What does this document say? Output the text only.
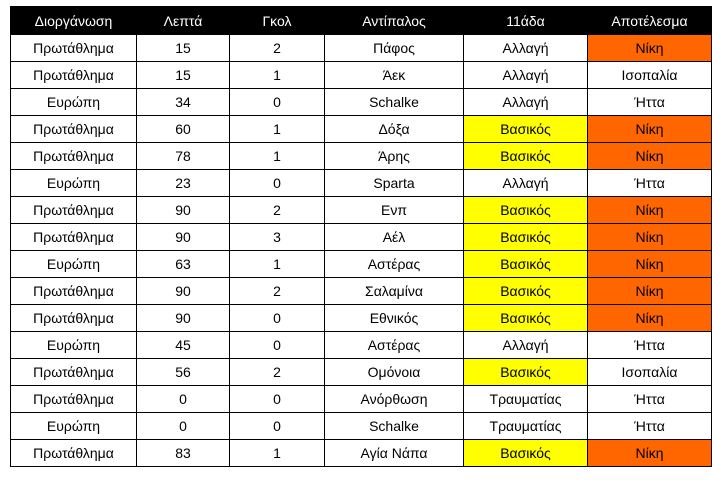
Διοργάνωση	Λεπτά	Γκολ	Αντίπαλος	11άδα	Αποτέλεσμα
Πρωτάθλημα	15	2	Πάφος	Αλλαγή	Νίκη
Πρωτάθλημα	15	1	Άεκ	Αλλαγή	Ισοπαλία
Ευρώπη	34	0	Schalke	Αλλαγή	Ήττα
Πρωτάθλημα	60	1	Δόξα	Βασικός	Νίκη
Πρωτάθλημα	78	1	Άρης	Βασικός	Νίκη
Ευρώπη	23	0	Sparta	Αλλαγή	Ήττα
Πρωτάθλημα	90	2	Ενπ	Βασικός	Νίκη
Πρωτάθλημα	90	3	Αέλ	Βασικός	Νίκη
Ευρώπη	63	1	Αστέρας	Βασικός	Νίκη
Πρωτάθλημα	90	2	Σαλαμίνα	Βασικός	Νίκη
Πρωτάθλημα	90	0	Εθνικός	Βασικός	Νίκη
Ευρώπη	45	0	Αστέρας	Αλλαγή	Ήττα
Πρωτάθλημα	56	2	Ομόνοια	Βασικός	Ισοπαλία
Πρωτάθλημα	0	0	Ανόρθωση	Τραυματίας	Ήττα
Ευρώπη	0	0	Schalke	Τραυματίας	Ήττα
Πρωτάθλημα	83	1	Αγία Νάπα	Βασικός	Νίκη
